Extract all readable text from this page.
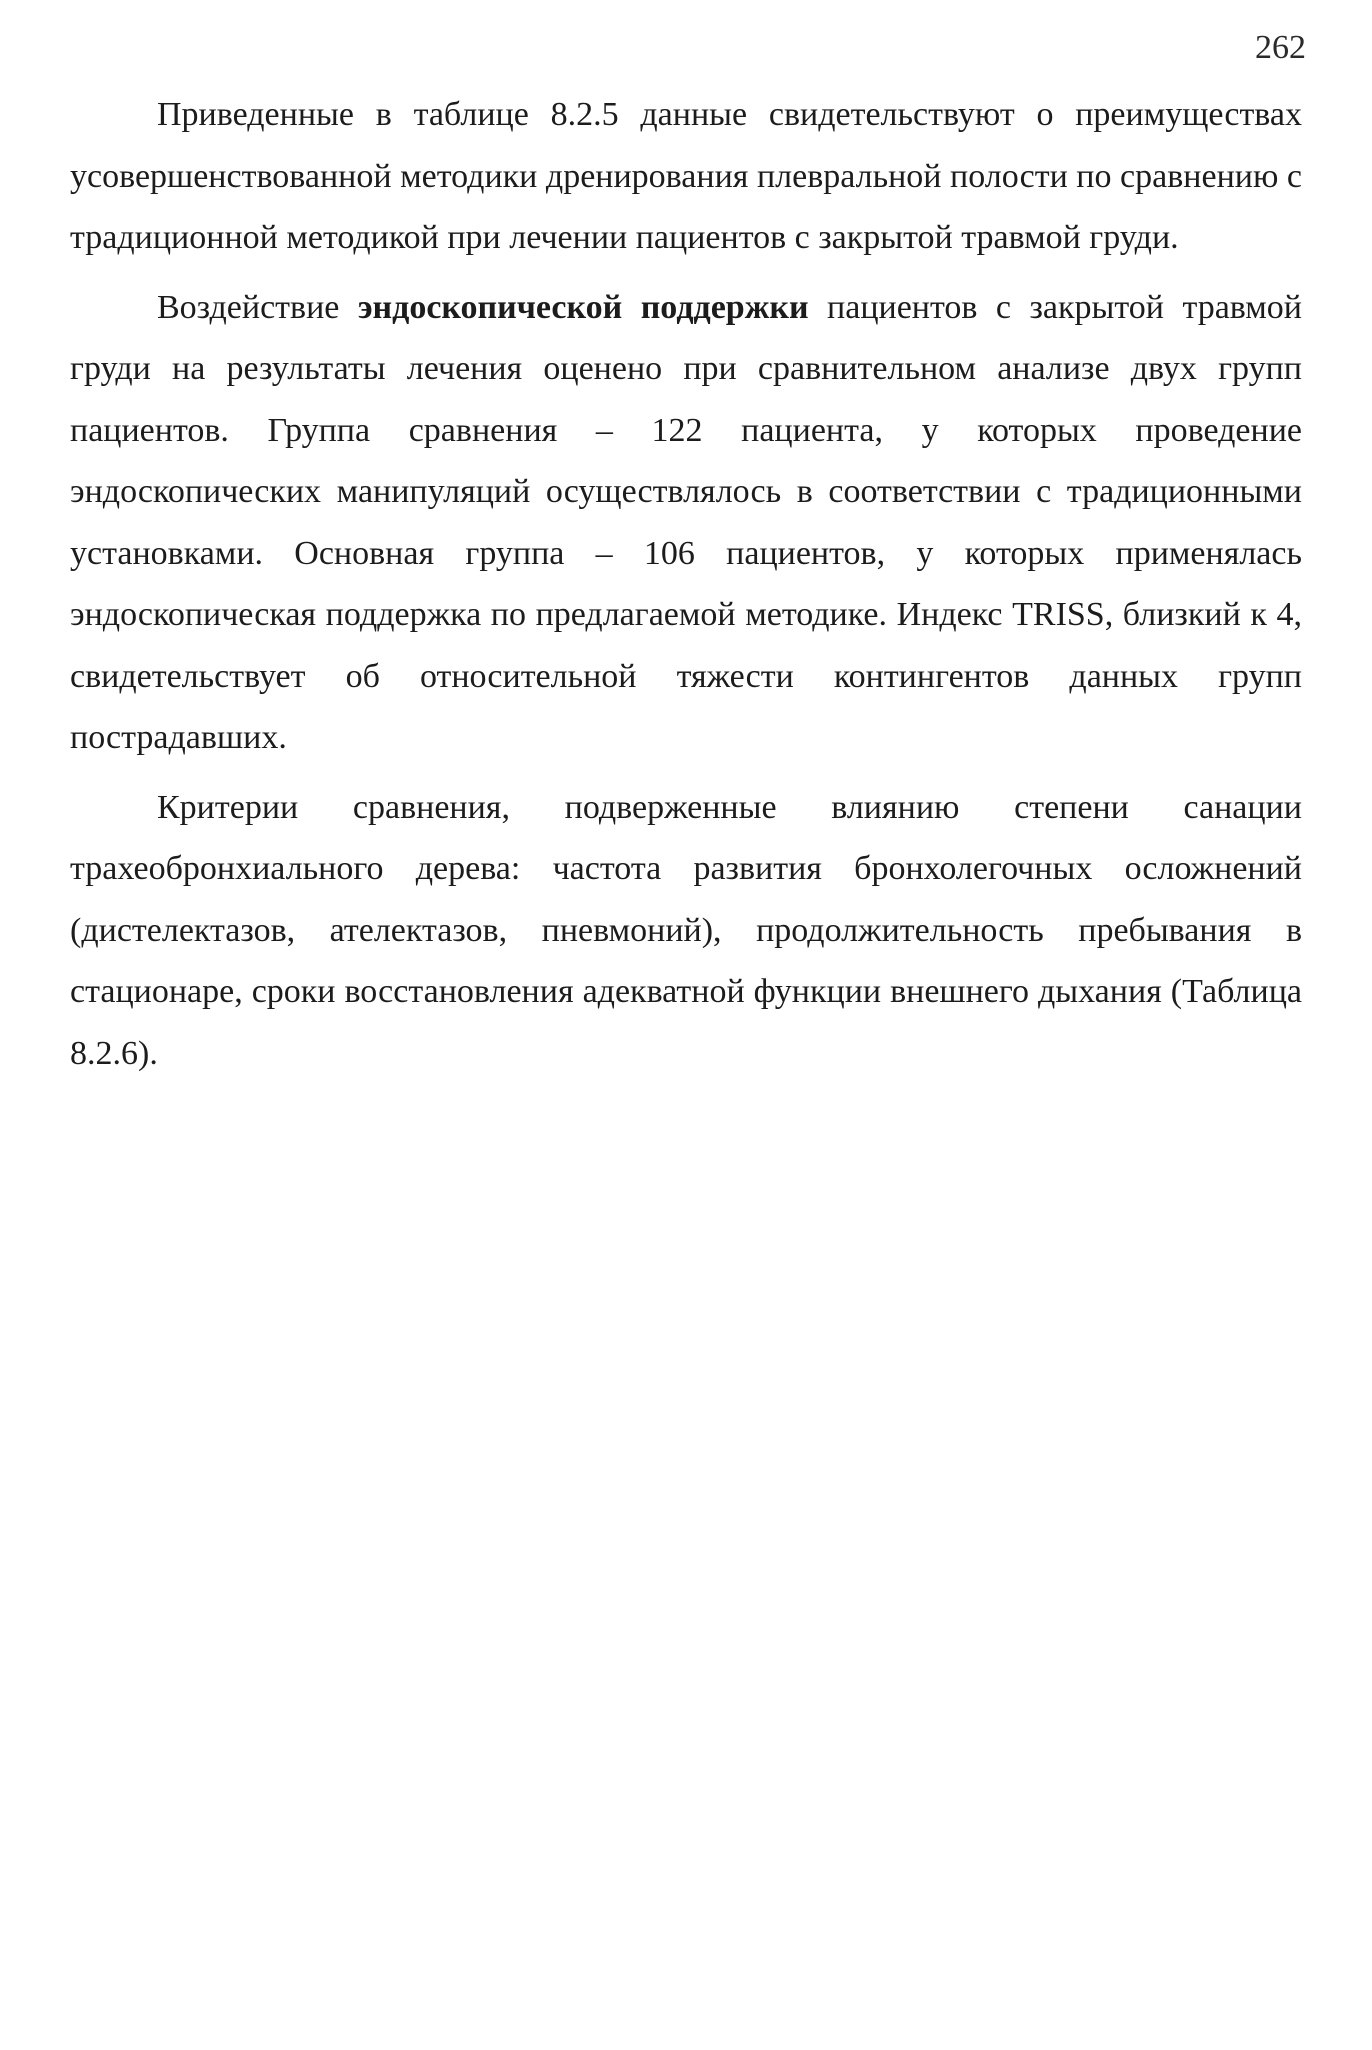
262

Приведенные в таблице 8.2.5 данные свидетельствуют о преимуществах усовершенствованной методики дренирования плевральной полости по сравнению с традиционной методикой при лечении пациентов с закрытой травмой груди.

Воздействие эндоскопической поддержки пациентов с закрытой травмой груди на результаты лечения оценено при сравнительном анализе двух групп пациентов. Группа сравнения – 122 пациента, у которых проведение эндоскопических манипуляций осуществлялось в соответствии с традиционными установками. Основная группа – 106 пациентов, у которых применялась эндоскопическая поддержка по предлагаемой методике. Индекс TRISS, близкий к 4, свидетельствует об относительной тяжести контингентов данных групп пострадавших.

Критерии сравнения, подверженные влиянию степени санации трахеобронхиального дерева: частота развития бронхолегочных осложнений (дистелектазов, ателектазов, пневмоний), продолжительность пребывания в стационаре, сроки восстановления адекватной функции внешнего дыхания (Таблица 8.2.6).
